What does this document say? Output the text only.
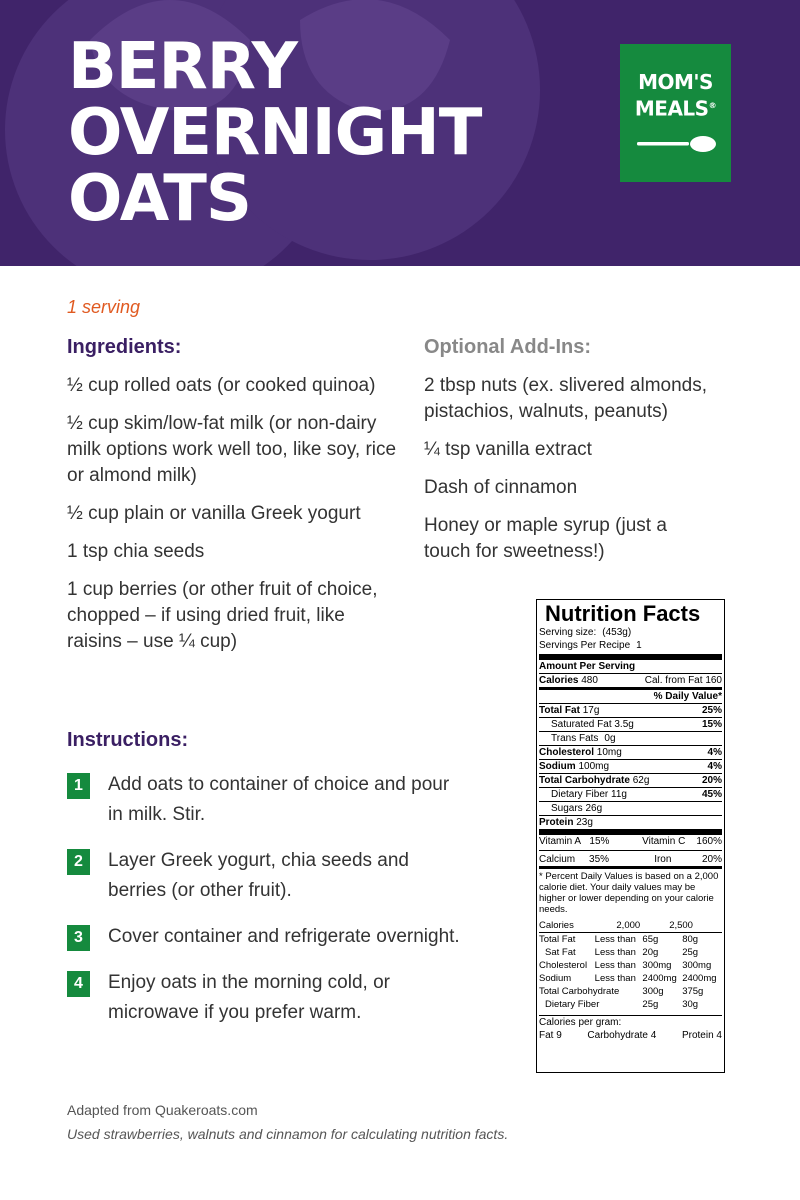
BERRY
OVERNIGHT
OATS
MOM'S
MEALS®
1 serving
Ingredients:
½ cup rolled oats (or cooked quinoa)
½ cup skim/low-fat milk (or non-dairy milk options work well too, like soy, rice or almond milk)
½ cup plain or vanilla Greek yogurt
1 tsp chia seeds
1 cup berries (or other fruit of choice, chopped – if using dried fruit, like raisins – use ¼ cup)
Optional Add-Ins:
2 tbsp nuts (ex. slivered almonds, pistachios, walnuts, peanuts)
¼ tsp vanilla extract
Dash of cinnamon
Honey or maple syrup (just a touch for sweetness!)
Instructions:
1	Add oats to container of choice and pour in milk. Stir.
2	Layer Greek yogurt, chia seeds and berries (or other fruit).
3	Cover container and refrigerate overnight.
4	Enjoy oats in the morning cold, or microwave if you prefer warm.
Nutrition Facts
Serving size: (453g)
Servings Per Recipe 1
Amount Per Serving
Calories 480	Cal. from Fat 160
% Daily Value*
Total Fat 17g	25%
Saturated Fat 3.5g	15%
Trans Fats 0g
Cholesterol 10mg	4%
Sodium 100mg	4%
Total Carbohydrate 62g	20%
Dietary Fiber 11g	45%
Sugars 26g
Protein 23g
Vitamin A 15%	Vitamin C 160%
Calcium 35%	Iron	20%
* Percent Daily Values is based on a 2,000 calorie diet. Your daily values may be higher or lower depending on your calorie needs.
	Calories	2,000	2,500
Total Fat	Less than	65g	80g
Sat Fat	Less than	20g	25g
Cholesterol	Less than	300mg	300mg
Sodium	Less than	2400mg	2400mg
Total Carbohydrate		300g	375g
Dietary Fiber		25g	30g
Calories per gram:
Fat 9	Carbohydrate 4	Protein 4
Adapted from Quakeroats.com
Used strawberries, walnuts and cinnamon for calculating nutrition facts.
